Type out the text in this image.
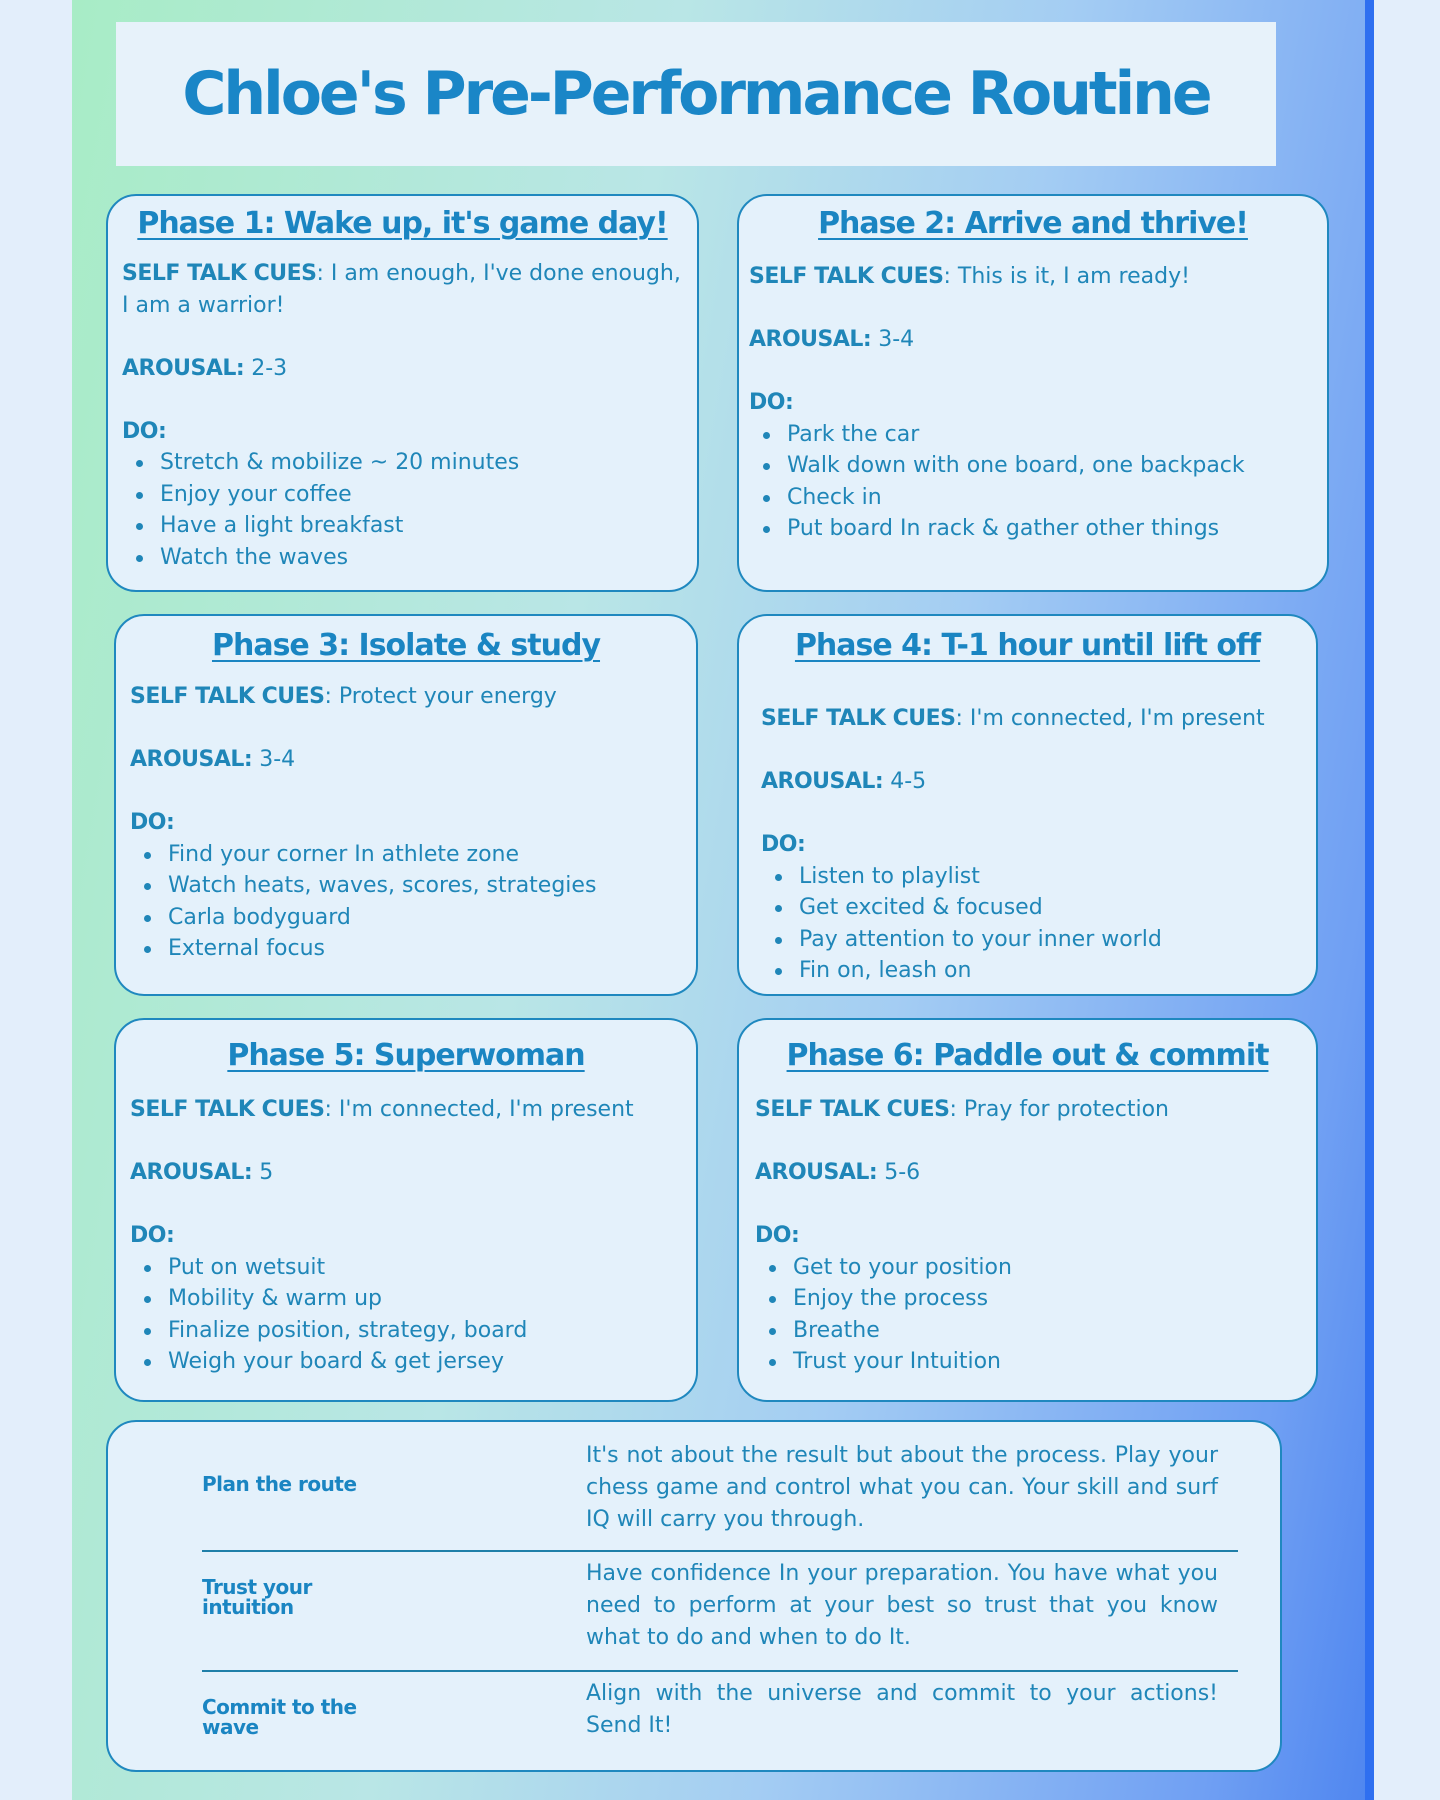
Chloe's Pre-Performance Routine
Phase 1: Wake up, it's game day!
SELF TALK CUES: I am enough, I've done enough, I am a warrior!
AROUSAL: 2-3
DO:
Stretch & mobilize ~ 20 minutes
Enjoy your coffee
Have a light breakfast
Watch the waves
Phase 2: Arrive and thrive!
SELF TALK CUES: This is it, I am ready!
AROUSAL: 3-4
DO:
Park the car
Walk down with one board, one backpack
Check in
Put board In rack & gather other things
Phase 3: Isolate & study
SELF TALK CUES: Protect your energy
AROUSAL: 3-4
DO:
Find your corner In athlete zone
Watch heats, waves, scores, strategies
Carla bodyguard
External focus
Phase 4: T-1 hour until lift off
SELF TALK CUES: I'm connected, I'm present
AROUSAL: 4-5
DO:
Listen to playlist
Get excited & focused
Pay attention to your inner world
Fin on, leash on
Phase 5: Superwoman
SELF TALK CUES: I'm connected, I'm present
AROUSAL: 5
DO:
Put on wetsuit
Mobility & warm up
Finalize position, strategy, board
Weigh your board & get jersey
Phase 6: Paddle out & commit
SELF TALK CUES: Pray for protection
AROUSAL: 5-6
DO:
Get to your position
Enjoy the process
Breathe
Trust your Intuition
Plan the route
It's not about the result but about the process. Play your chess game and control what you can. Your skill and surf IQ will carry you through.
Trust your intuition
Have confidence In your preparation. You have what you need to perform at your best so trust that you know what to do and when to do It.
Commit to the wave
Align with the universe and commit to your actions! Send It!
